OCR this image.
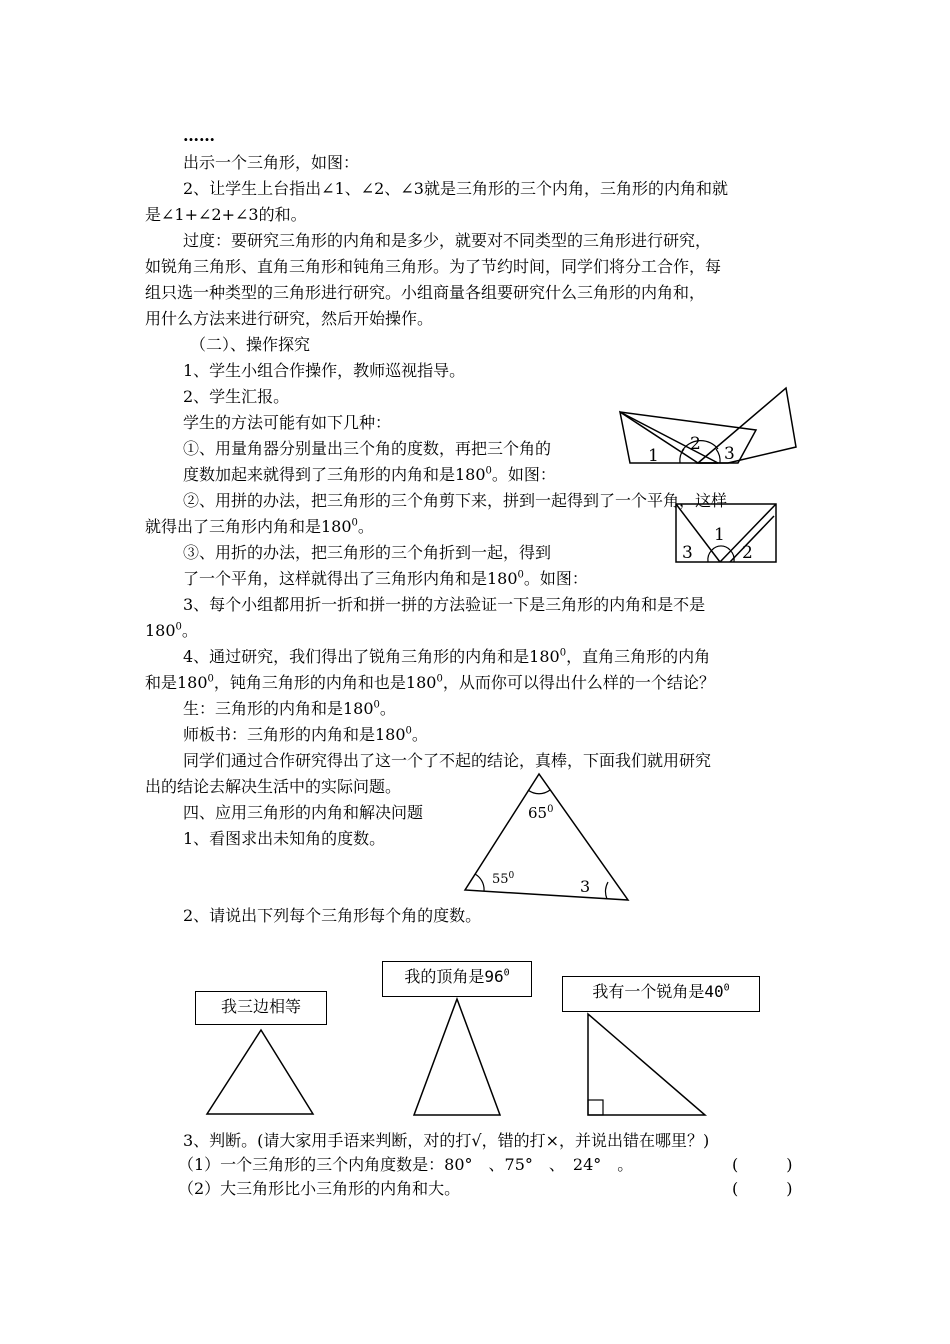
……
出示一个三角形，如图：
2、让学生上台指出∠1、∠2、∠3就是三角形的三个内角，三角形的内角和就
是∠1+∠2+∠3的和。
过度：要研究三角形的内角和是多少，就要对不同类型的三角形进行研究，
如锐角三角形、直角三角形和钝角三角形。为了节约时间，同学们将分工合作，每
组只选一种类型的三角形进行研究。小组商量各组要研究什么三角形的内角和，
用什么方法来进行研究，然后开始操作。
（二）、操作探究
1、学生小组合作操作，教师巡视指导。
2、学生汇报。
学生的方法可能有如下几种：
①、用量角器分别量出三个角的度数，再把三个角的
度数加起来就得到了三角形的内角和是$180^0$。如图：
②、用拼的办法，把三角形的三个角剪下来，拼到一起得到了一个平角，这样
就得出了三角形内角和是$180^0$。
③、用折的办法，把三角形的三个角折到一起，得到
了一个平角，这样就得出了三角形内角和是$180^0$。如图：
3、每个小组都用折一折和拼一拼的方法验证一下是三角形的内角和是不是
$180^0$。
4、通过研究，我们得出了锐角三角形的内角和是$180^0$，直角三角形的内角
和是$180^0$，钝角三角形的内角和也是$180^0$，从而你可以得出什么样的一个结论？
生：三角形的内角和是$180^0$。
师板书：三角形的内角和是$180^0$。
同学们通过合作研究得出了这一个了不起的结论，真棒，下面我们就用研究
出的结论去解决生活中的实际问题。
四、应用三角形的内角和解决问题
1、看图求出未知角的度数。
2、请说出下列每个三角形每个角的度数。
3、判断。(请大家用手语来判断，对的打√，错的打×，并说出错在哪里？)
（1）一个三角形的三个内角度数是：80°　、75°　、　24°　。	(　　　)
（2）大三角形比小三角形的内角和大。	(　　　)
1
2 3
3
1
2
$65^0$
$55^0$
3
我三边相等
我的顶角是$96^0$
我有一个锐角是$40^0$
